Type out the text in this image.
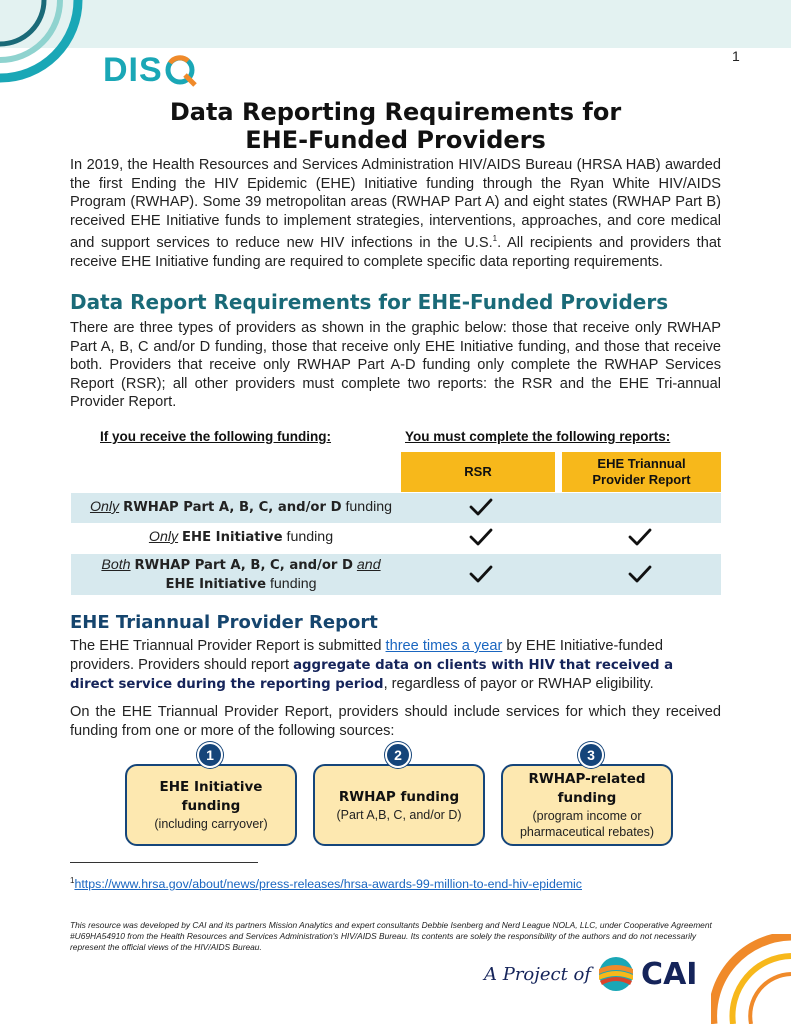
1
DIS
Data Reporting Requirements for
EHE-Funded Providers

In 2019, the Health Resources and Services Administration HIV/AIDS Bureau (HRSA HAB) awarded the first Ending the HIV Epidemic (EHE) Initiative funding through the Ryan White HIV/AIDS Program (RWHAP). Some 39 metropolitan areas (RWHAP Part A) and eight states (RWHAP Part B) received EHE Initiative funds to implement strategies, interventions, approaches, and core medical and support services to reduce new HIV infections in the U.S.$^1$. All recipients and providers that receive EHE Initiative funding are required to complete specific data reporting requirements.

Data Report Requirements for EHE-Funded Providers

There are three types of providers as shown in the graphic below: those that receive only RWHAP Part A, B, C and/or D funding, those that receive only EHE Initiative funding, and those that receive both. Providers that receive only RWHAP Part A-D funding only complete the RWHAP Services Report (RSR); all other providers must complete two reports: the RSR and the EHE Tri-annual Provider Report.

If you receive the following funding:	You must complete the following reports:
RSR
EHE Triannual
Provider Report
Only RWHAP Part A, B, C, and/or D funding
Only EHE Initiative funding
Both RWHAP Part A, B, C, and/or D and
EHE Initiative funding
EHE Triannual Provider Report

The EHE Triannual Provider Report is submitted three times a year by EHE Initiative-funded providers. Providers should report aggregate data on clients with HIV that received a direct service during the reporting period, regardless of payor or RWHAP eligibility.

On the EHE Triannual Provider Report, providers should include services for which they received funding from one or more of the following sources:

EHE Initiative
funding
(including carryover)
1
RWHAP funding
(Part A,B, C, and/or D)
2
RWHAP-related
funding
(program income or
pharmaceutical rebates)
3
$^1$https://www.hrsa.gov/about/news/press-releases/hrsa-awards-99-million-to-end-hiv-epidemic

This resource was developed by CAI and its partners Mission Analytics and expert consultants Debbie Isenberg and Nerd League NOLA, LLC, under Cooperative Agreement #U69HA54910 from the Health Resources and Services Administration's HIV/AIDS Bureau. Its contents are solely the responsibility of the authors and do not necessarily represent the official views of the HIV/AIDS Bureau.

A Project of CAI
